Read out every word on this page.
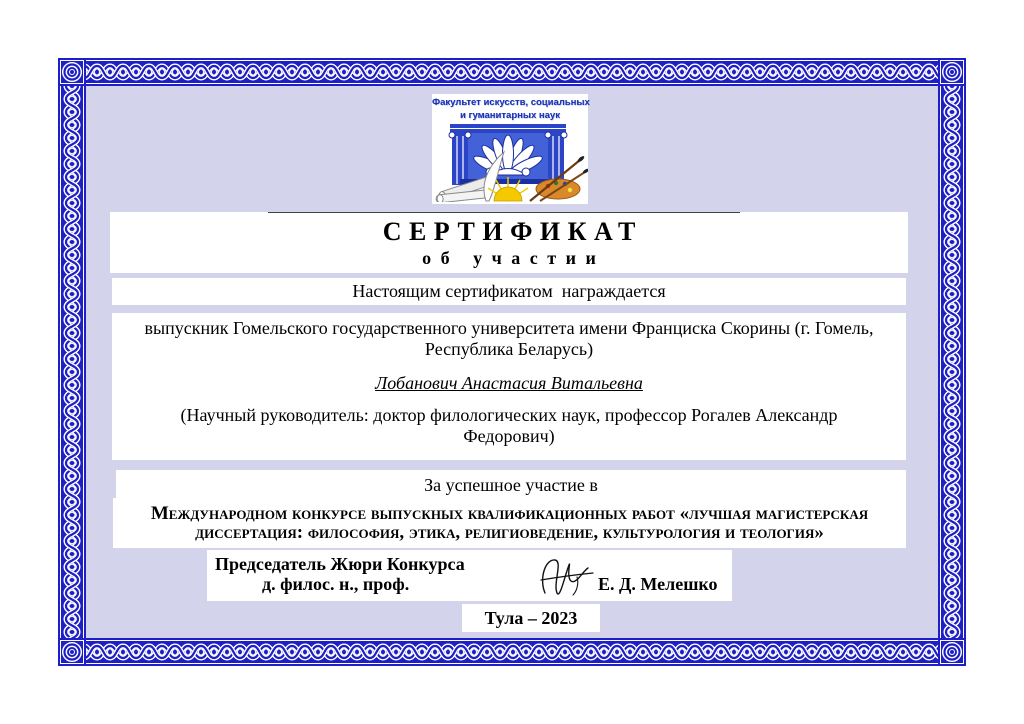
Факультет искусств, социальных
и гуманитарных наук
СЕРТИФИКАТ
об участии
Настоящим сертификатом  награждается
выпускник Гомельского государственного университета имени Франциска Скорины (г. Гомель,
Республика Беларусь)
Лобанович Анастасия Витальевна
(Научный руководитель: доктор филологических наук, профессор Рогалев Александр
Федорович)
За успешное участие в
Международном конкурсе выпускных квалификационных работ «лучшая магистерская
диссертация: философия, этика, религиоведение, культурология и теология»
Председатель Жюри Конкурса
д. филос. н., проф.	Е. Д. Мелешко
Тула – 2023
